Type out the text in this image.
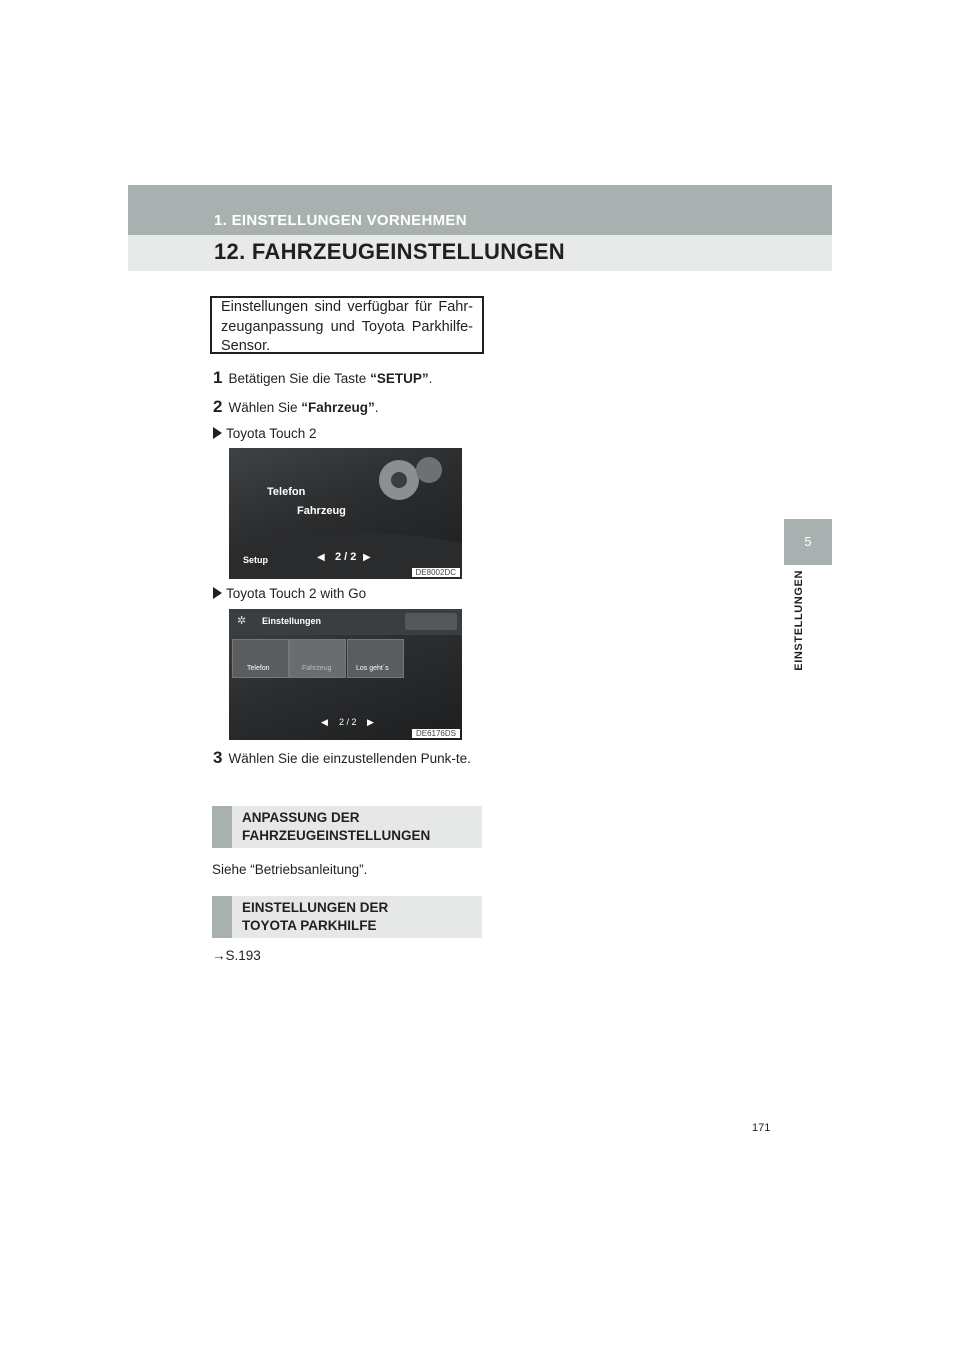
1. EINSTELLUNGEN VORNEHMEN
12. FAHRZEUGEINSTELLUNGEN
5
EINSTELLUNGEN
Einstellungen sind verfügbar für Fahr-zeuganpassung und Toyota Parkhilfe-Sensor.
1 Betätigen Sie die Taste “SETUP”.
2 Wählen Sie “Fahrzeug”.
Toyota Touch 2
Telefon
Fahrzeug
Setup	◀ 2 / 2 ▶
DE8002DC
Toyota Touch 2 with Go
✲ Einstellungen
Telefon	Fahrzeug	Los geht´s
◀ 2 / 2 ▶
DE6176DS
3 Wählen Sie die einzustellenden Punk-te.
ANPASSUNG DER
FAHRZEUGEINSTELLUNGEN
Siehe “Betriebsanleitung”.
EINSTELLUNGEN DER
TOYOTA PARKHILFE
→S.193
171
